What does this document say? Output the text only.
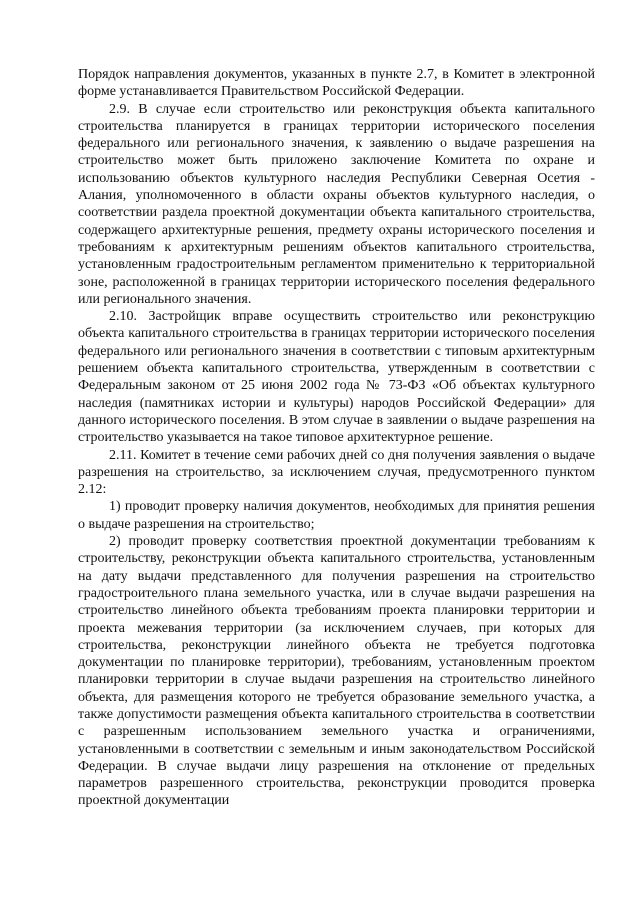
Порядок направления документов, указанных в пункте 2.7, в Комитет в электронной форме устанавливается Правительством Российской Федерации.

2.9. В случае если строительство или реконструкция объекта капитального строительства планируется в границах территории исторического поселения федерального или регионального значения, к заявлению о выдаче разрешения на строительство может быть приложено заключение Комитета по охране и использованию объектов культурного наследия Республики Северная Осетия - Алания, уполномоченного в области охраны объектов культурного наследия, о соответствии раздела проектной документации объекта капитального строительства, содержащего архитектурные решения, предмету охраны исторического поселения и требованиям к архитектурным решениям объектов капитального строительства, установленным градостроительным регламентом применительно к территориальной зоне, расположенной в границах территории исторического поселения федерального или регионального значения.

2.10. Застройщик вправе осуществить строительство или реконструкцию объекта капитального строительства в границах территории исторического поселения федерального или регионального значения в соответствии с типовым архитектурным решением объекта капитального строительства, утвержденным в соответствии с Федеральным законом от 25 июня 2002 года № 73-ФЗ «Об объектах культурного наследия (памятниках истории и культуры) народов Российской Федерации» для данного исторического поселения. В этом случае в заявлении о выдаче разрешения на строительство указывается на такое типовое архитектурное решение.

2.11. Комитет в течение семи рабочих дней со дня получения заявления о выдаче разрешения на строительство, за исключением случая, предусмотренного пунктом 2.12:

1) проводит проверку наличия документов, необходимых для принятия решения о выдаче разрешения на строительство;

2) проводит проверку соответствия проектной документации требованиям к строительству, реконструкции объекта капитального строительства, установленным на дату выдачи представленного для получения разрешения на строительство градостроительного плана земельного участка, или в случае выдачи разрешения на строительство линейного объекта требованиям проекта планировки территории и проекта межевания территории (за исключением случаев, при которых для строительства, реконструкции линейного объекта не требуется подготовка документации по планировке территории), требованиям, установленным проектом планировки территории в случае выдачи разрешения на строительство линейного объекта, для размещения которого не требуется образование земельного участка, а также допустимости размещения объекта капитального строительства в соответствии с разрешенным использованием земельного участка и ограничениями, установленными в соответствии с земельным и иным законодательством Российской Федерации. В случае выдачи лицу разрешения на отклонение от предельных параметров разрешенного строительства, реконструкции проводится проверка проектной документации
